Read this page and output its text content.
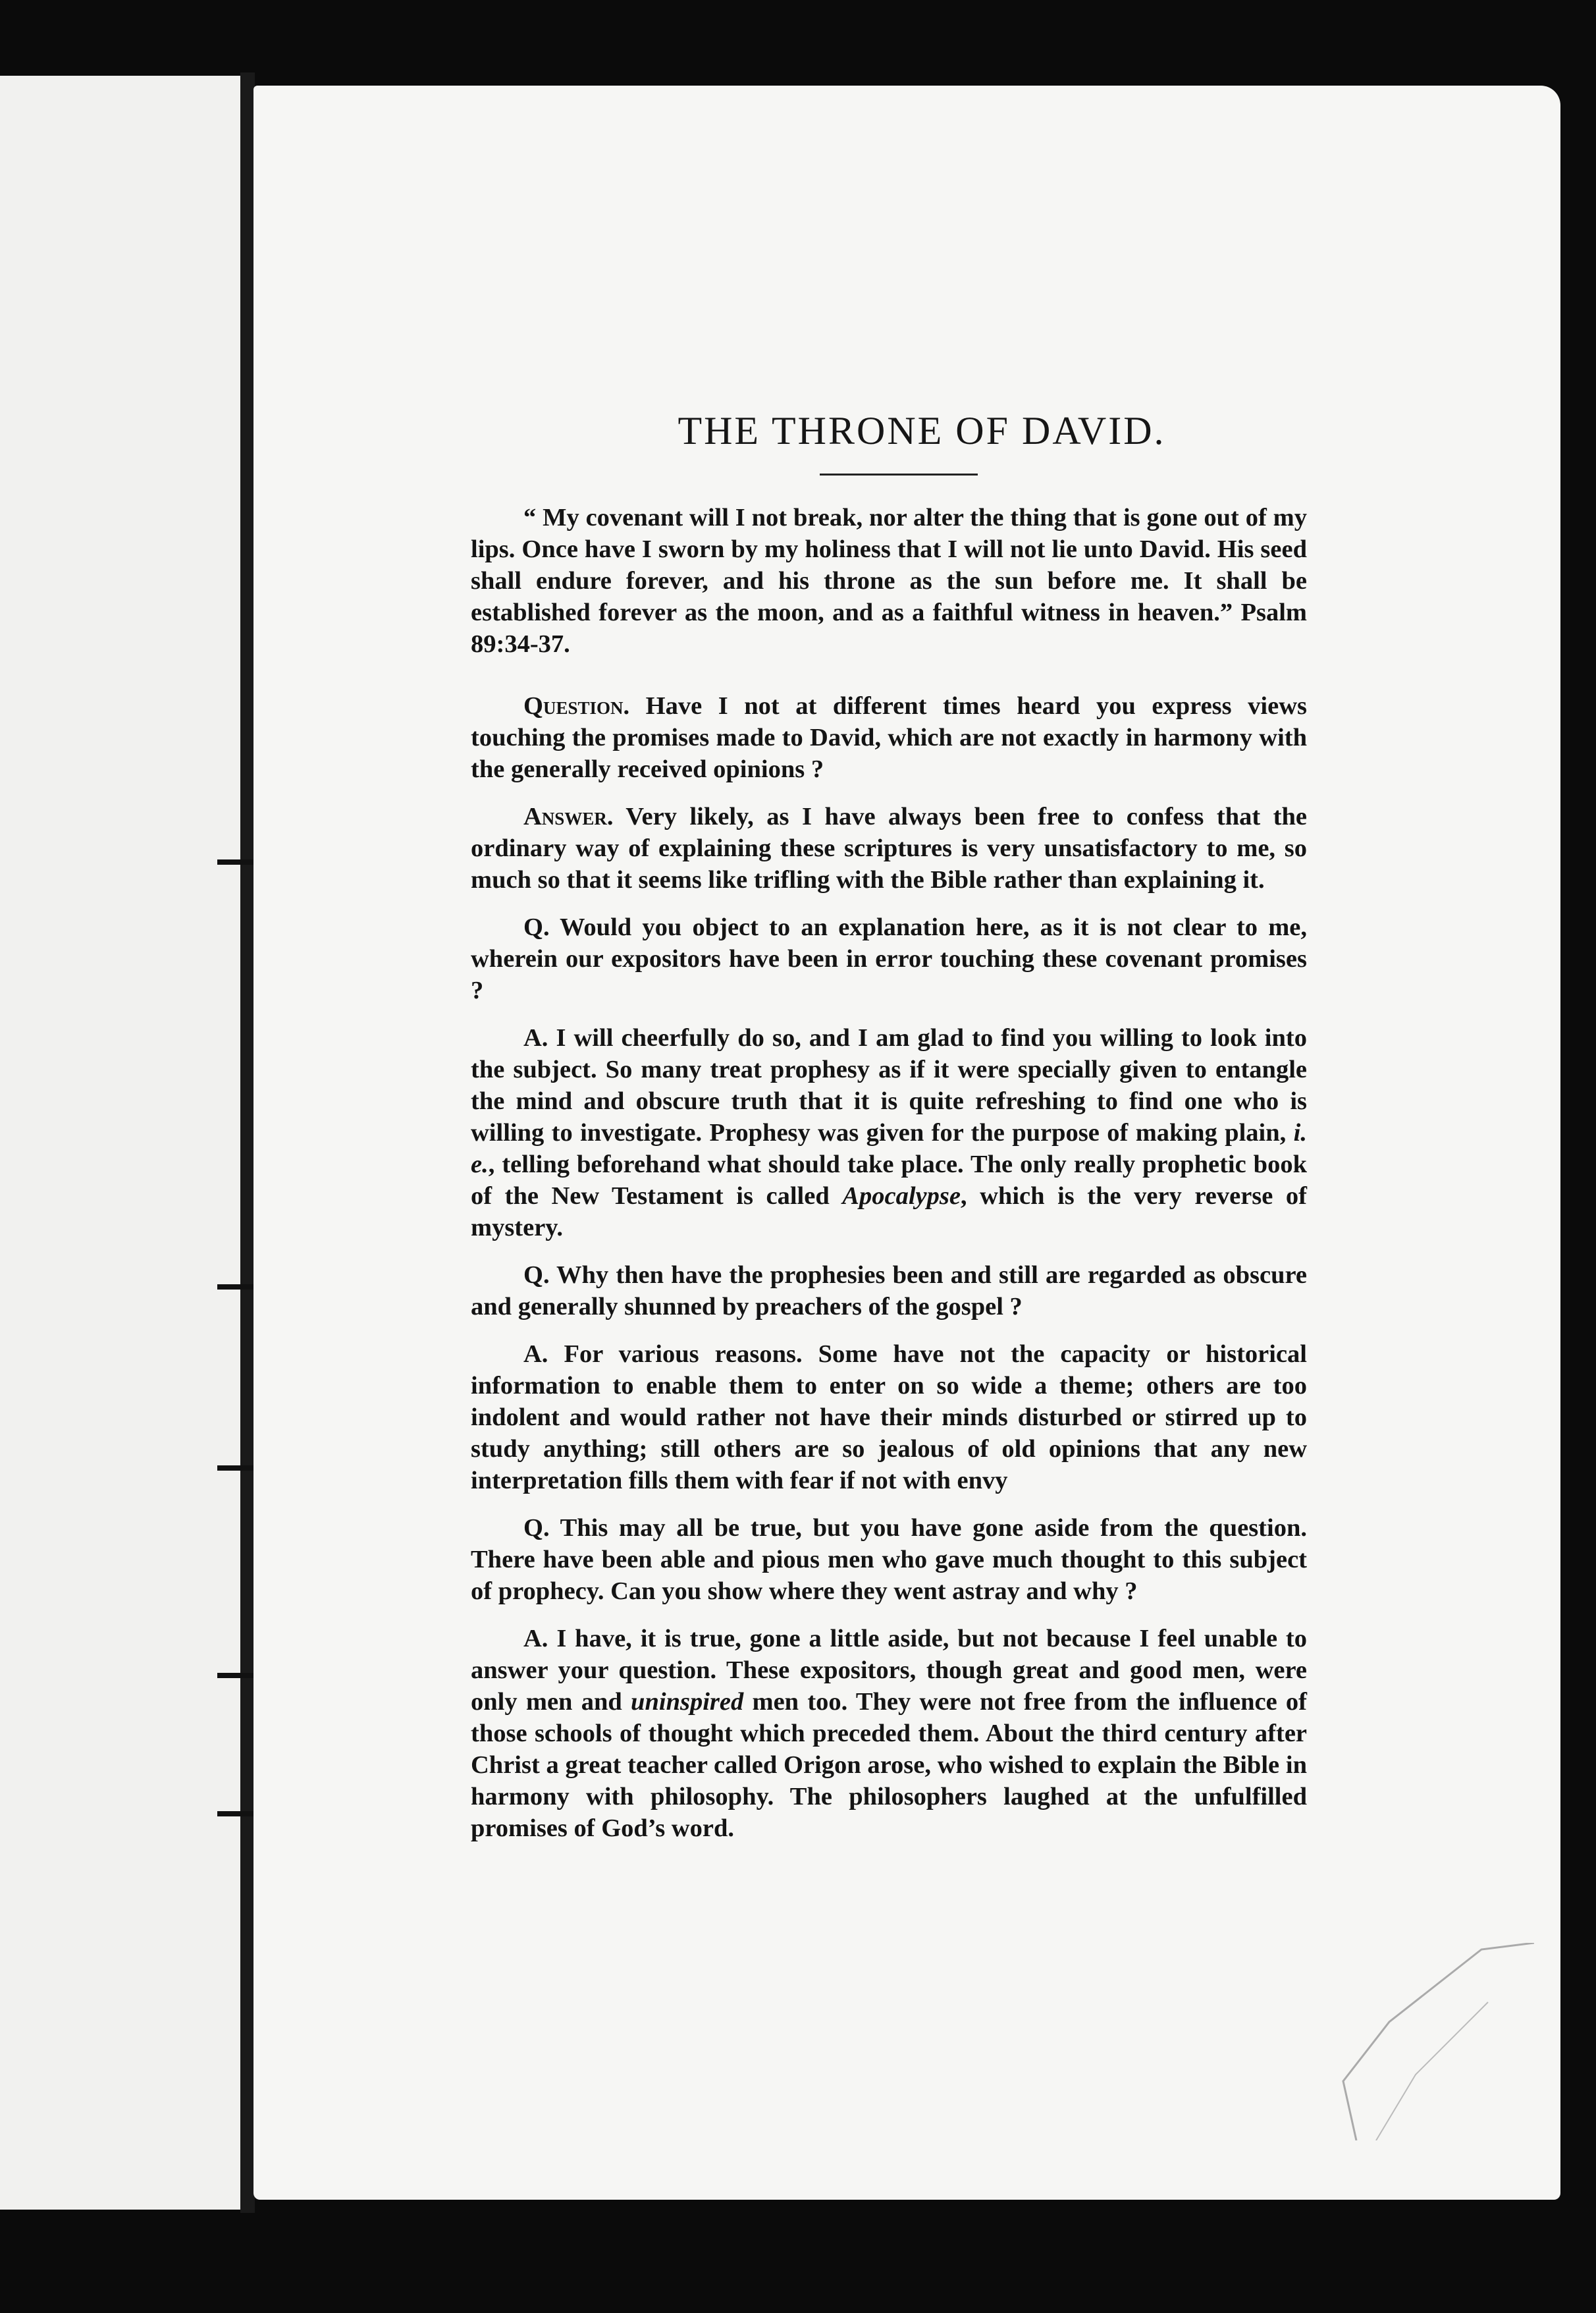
THE THRONE OF DAVID.

“ My covenant will I not break, nor alter the thing that is gone out of my lips. Once have I sworn by my holiness that I will not lie unto David. His seed shall endure forever, and his throne as the sun before me. It shall be established forever as the moon, and as a faithful witness in heaven.” Psalm 89:34-37.

Question. Have I not at different times heard you express views touching the promises made to David, which are not exactly in harmony with the generally received opinions ?

Answer. Very likely, as I have always been free to confess that the ordinary way of explaining these scriptures is very unsatisfactory to me, so much so that it seems like trifling with the Bible rather than explaining it.

Q. Would you object to an explanation here, as it is not clear to me, wherein our expositors have been in error touching these covenant promises ?

A. I will cheerfully do so, and I am glad to find you willing to look into the subject. So many treat prophesy as if it were specially given to entangle the mind and obscure truth that it is quite refreshing to find one who is willing to investigate. Prophesy was given for the purpose of making plain, i. e., telling beforehand what should take place. The only really prophetic book of the New Testament is called Apocalypse, which is the very reverse of mystery.

Q. Why then have the prophesies been and still are regarded as obscure and generally shunned by preachers of the gospel ?

A. For various reasons. Some have not the capacity or historical information to enable them to enter on so wide a theme; others are too indolent and would rather not have their minds disturbed or stirred up to study anything; still others are so jealous of old opinions that any new interpretation fills them with fear if not with envy

Q. This may all be true, but you have gone aside from the question. There have been able and pious men who gave much thought to this subject of prophecy. Can you show where they went astray and why ?

A. I have, it is true, gone a little aside, but not because I feel unable to answer your question. These expositors, though great and good men, were only men and uninspired men too. They were not free from the influence of those schools of thought which preceded them. About the third century after Christ a great teacher called Origon arose, who wished to explain the Bible in harmony with philosophy. The philosophers laughed at the unfulfilled promises of God’s word.
